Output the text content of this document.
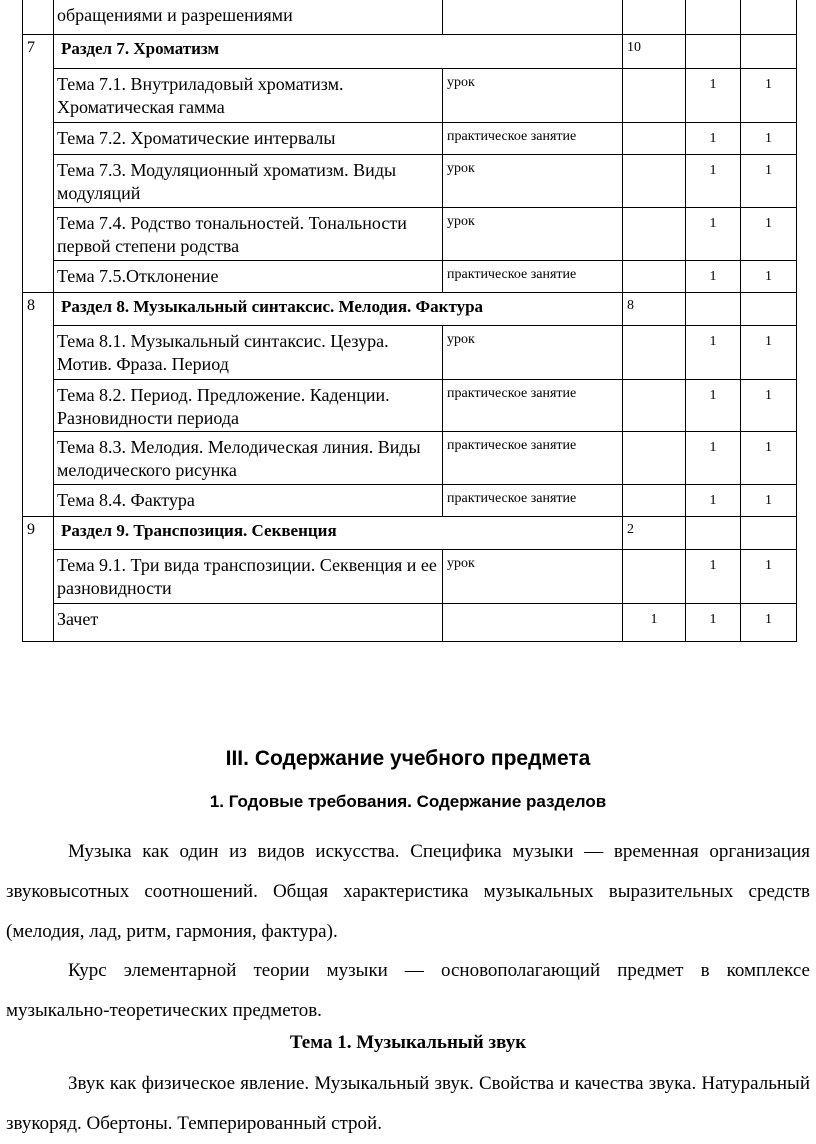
	обращениями и разрешениями				
7	Раздел 7. Хроматизм		10		
	Тема 7.1. Внутриладовый хроматизм. Хроматическая гамма	урок		1	1
	Тема 7.2. Хроматические интервалы	практическое занятие		1	1
	Тема 7.3. Модуляционный хроматизм. Виды модуляций	урок		1	1
	Тема 7.4. Родство тональностей. Тональности первой степени родства	урок		1	1
	Тема 7.5.Отклонение	практическое занятие		1	1
8	Раздел 8. Музыкальный синтаксис. Мелодия. Фактура		8		
	Тема 8.1. Музыкальный синтаксис. Цезура. Мотив. Фраза. Период	урок		1	1
	Тема 8.2. Период. Предложение. Каденции. Разновидности периода	практическое занятие		1	1
	Тема 8.3. Мелодия. Мелодическая линия. Виды мелодического рисунка	практическое занятие		1	1
	Тема 8.4. Фактура	практическое занятие		1	1
9	Раздел 9. Транспозиция. Секвенция		2		
	Тема 9.1. Три вида транспозиции. Секвенция и ее разновидности	урок		1	1
	Зачет		1	1	1
III. Содержание учебного предмета
1. Годовые требования. Содержание разделов

Музыка как один из видов искусства. Специфика музыки — временная организация звуковысотных соотношений. Общая характеристика музыкальных выразительных средств (мелодия, лад, ритм, гармония, фактура).

Курс элементарной теории музыки — основополагающий предмет в комплексе музыкально-теоретических предметов.

Тема 1. Музыкальный звук

Звук как физическое явление. Музыкальный звук. Свойства и качества звука. Натуральный звукоряд. Обертоны. Темперированный строй.
